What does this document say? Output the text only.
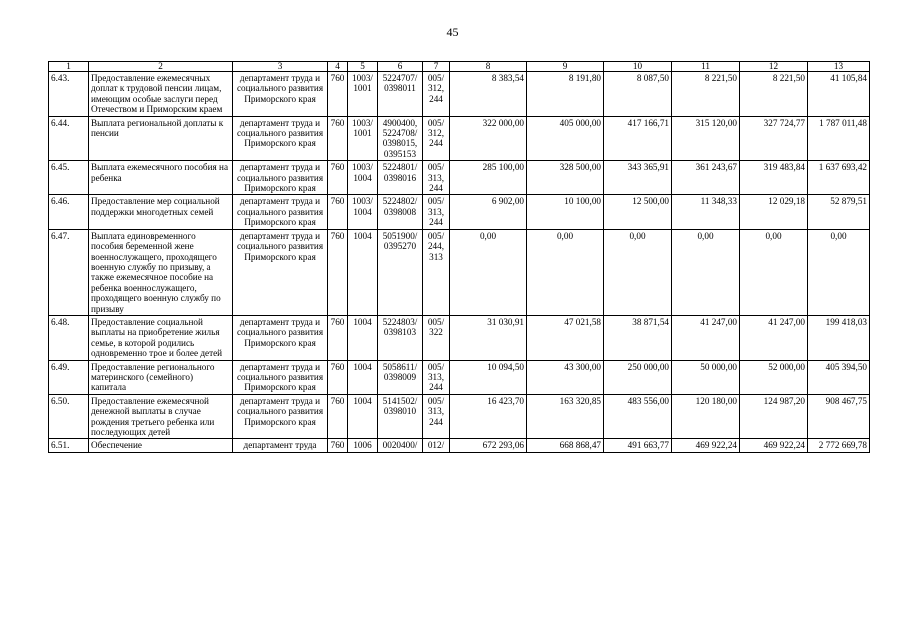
45
1	2	3	4	5	6	7	8	9	10	11	12	13
6.43.	Предоставление ежемесячных доплат к трудовой пенсии лицам, имеющим особые заслуги перед Отечеством и Приморским краем	департамент труда и социального развития Приморского края	760	1003/ 1001	5224707/ 0398011	005/ 312, 244	8 383,54	8 191,80	8 087,50	8 221,50	8 221,50	41 105,84
6.44.	Выплата региональной доплаты к пенсии	департамент труда и социального развития Приморского края	760	1003/ 1001	4900400, 5224708/ 0398015, 0395153	005/ 312, 244	322 000,00	405 000,00	417 166,71	315 120,00	327 724,77	1 787 011,48
6.45.	Выплата ежемесячного пособия на ребенка	департамент труда и социального развития Приморского края	760	1003/ 1004	5224801/ 0398016	005/ 313, 244	285 100,00	328 500,00	343 365,91	361 243,67	319 483,84	1 637 693,42
6.46.	Предоставление мер социальной поддержки многодетных семей	департамент труда и социального развития Приморского края	760	1003/ 1004	5224802/ 0398008	005/ 313, 244	6 902,00	10 100,00	12 500,00	11 348,33	12 029,18	52 879,51
6.47.	Выплата единовременного пособия беременной жене военнослужащего, проходящего военную службу по призыву, а также ежемесячное пособие на ребенка военнослужащего, проходящего военную службу по призыву	департамент труда и социального развития Приморского края	760	1004	5051900/ 0395270	005/ 244, 313	0,00	0,00	0,00	0,00	0,00	0,00
6.48.	Предоставление социальной выплаты на приобретение жилья семье, в которой родились одновременно трое и более детей	департамент труда и социального развития Приморского края	760	1004	5224803/ 0398103	005/ 322	31 030,91	47 021,58	38 871,54	41 247,00	41 247,00	199 418,03
6.49.	Предоставление регионального материнского (семейного) капитала	департамент труда и социального развития Приморского края	760	1004	5058611/ 0398009	005/ 313, 244	10 094,50	43 300,00	250 000,00	50 000,00	52 000,00	405 394,50
6.50.	Предоставление ежемесячной денежной выплаты в случае рождения третьего ребенка или последующих детей	департамент труда и социального развития Приморского края	760	1004	5141502/ 0398010	005/ 313, 244	16 423,70	163 320,85	483 556,00	120 180,00	124 987,20	908 467,75
6.51.	Обеспечение	департамент труда	760	1006	0020400/	012/	672 293,06	668 868,47	491 663,77	469 922,24	469 922,24	2 772 669,78
